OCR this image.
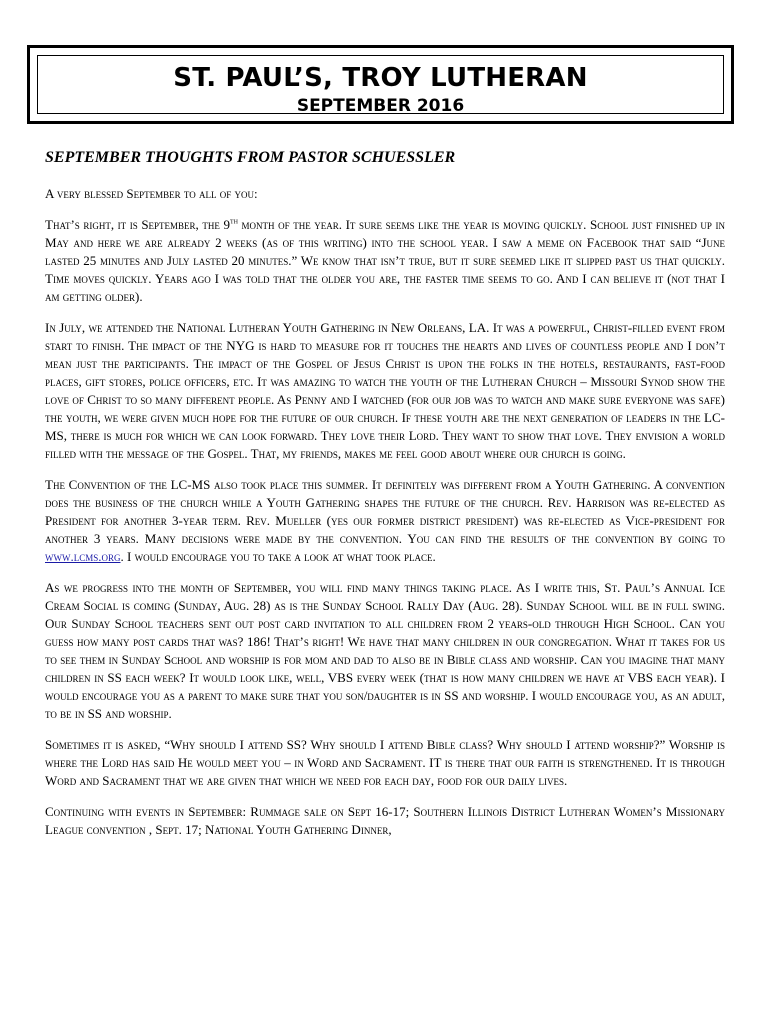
ST. PAUL’S, TROY LUTHERAN
SEPTEMBER 2016
SEPTEMBER THOUGHTS FROM PASTOR SCHUESSLER

A very blessed September to all of you:

That’s right, it is September, the 9th month of the year. It sure seems like the year is moving quickly. School just finished up in May and here we are already 2 weeks (as of this writing) into the school year. I saw a meme on Facebook that said “June lasted 25 minutes and July lasted 20 minutes.” We know that isn’t true, but it sure seemed like it slipped past us that quickly. Time moves quickly. Years ago I was told that the older you are, the faster time seems to go. And I can believe it (not that I am getting older).

In July, we attended the National Lutheran Youth Gathering in New Orleans, LA. It was a powerful, Christ-filled event from start to finish. The impact of the NYG is hard to measure for it touches the hearts and lives of countless people and I don’t mean just the participants. The impact of the Gospel of Jesus Christ is upon the folks in the hotels, restaurants, fast-food places, gift stores, police officers, etc. It was amazing to watch the youth of the Lutheran Church – Missouri Synod show the love of Christ to so many different people. As Penny and I watched (for our job was to watch and make sure everyone was safe) the youth, we were given much hope for the future of our church. If these youth are the next generation of leaders in the LC-MS, there is much for which we can look forward. They love their Lord. They want to show that love. They envision a world filled with the message of the Gospel. That, my friends, makes me feel good about where our church is going.

The Convention of the LC-MS also took place this summer. It definitely was different from a Youth Gathering. A convention does the business of the church while a Youth Gathering shapes the future of the church. Rev. Harrison was re-elected as President for another 3-year term. Rev. Mueller (yes our former district president) was re-elected as Vice-president for another 3 years. Many decisions were made by the convention. You can find the results of the convention by going to www.lcms.org. I would encourage you to take a look at what took place.

As we progress into the month of September, you will find many things taking place. As I write this, St. Paul’s Annual Ice Cream Social is coming (Sunday, Aug. 28) as is the Sunday School Rally Day (Aug. 28). Sunday School will be in full swing. Our Sunday School teachers sent out post card invitation to all children from 2 years-old through High School. Can you guess how many post cards that was? 186! That’s right! We have that many children in our congregation. What it takes for us to see them in Sunday School and worship is for mom and dad to also be in Bible class and worship. Can you imagine that many children in SS each week? It would look like, well, VBS every week (that is how many children we have at VBS each year). I would encourage you as a parent to make sure that you son/daughter is in SS and worship. I would encourage you, as an adult, to be in SS and worship.

Sometimes it is asked, “Why should I attend SS? Why should I attend Bible class? Why should I attend worship?” Worship is where the Lord has said He would meet you – in Word and Sacrament. IT is there that our faith is strengthened. It is through Word and Sacrament that we are given that which we need for each day, food for our daily lives.

Continuing with events in September: Rummage sale on Sept 16-17; Southern Illinois District Lutheran Women’s Missionary League convention , Sept. 17; National Youth Gathering Dinner,
